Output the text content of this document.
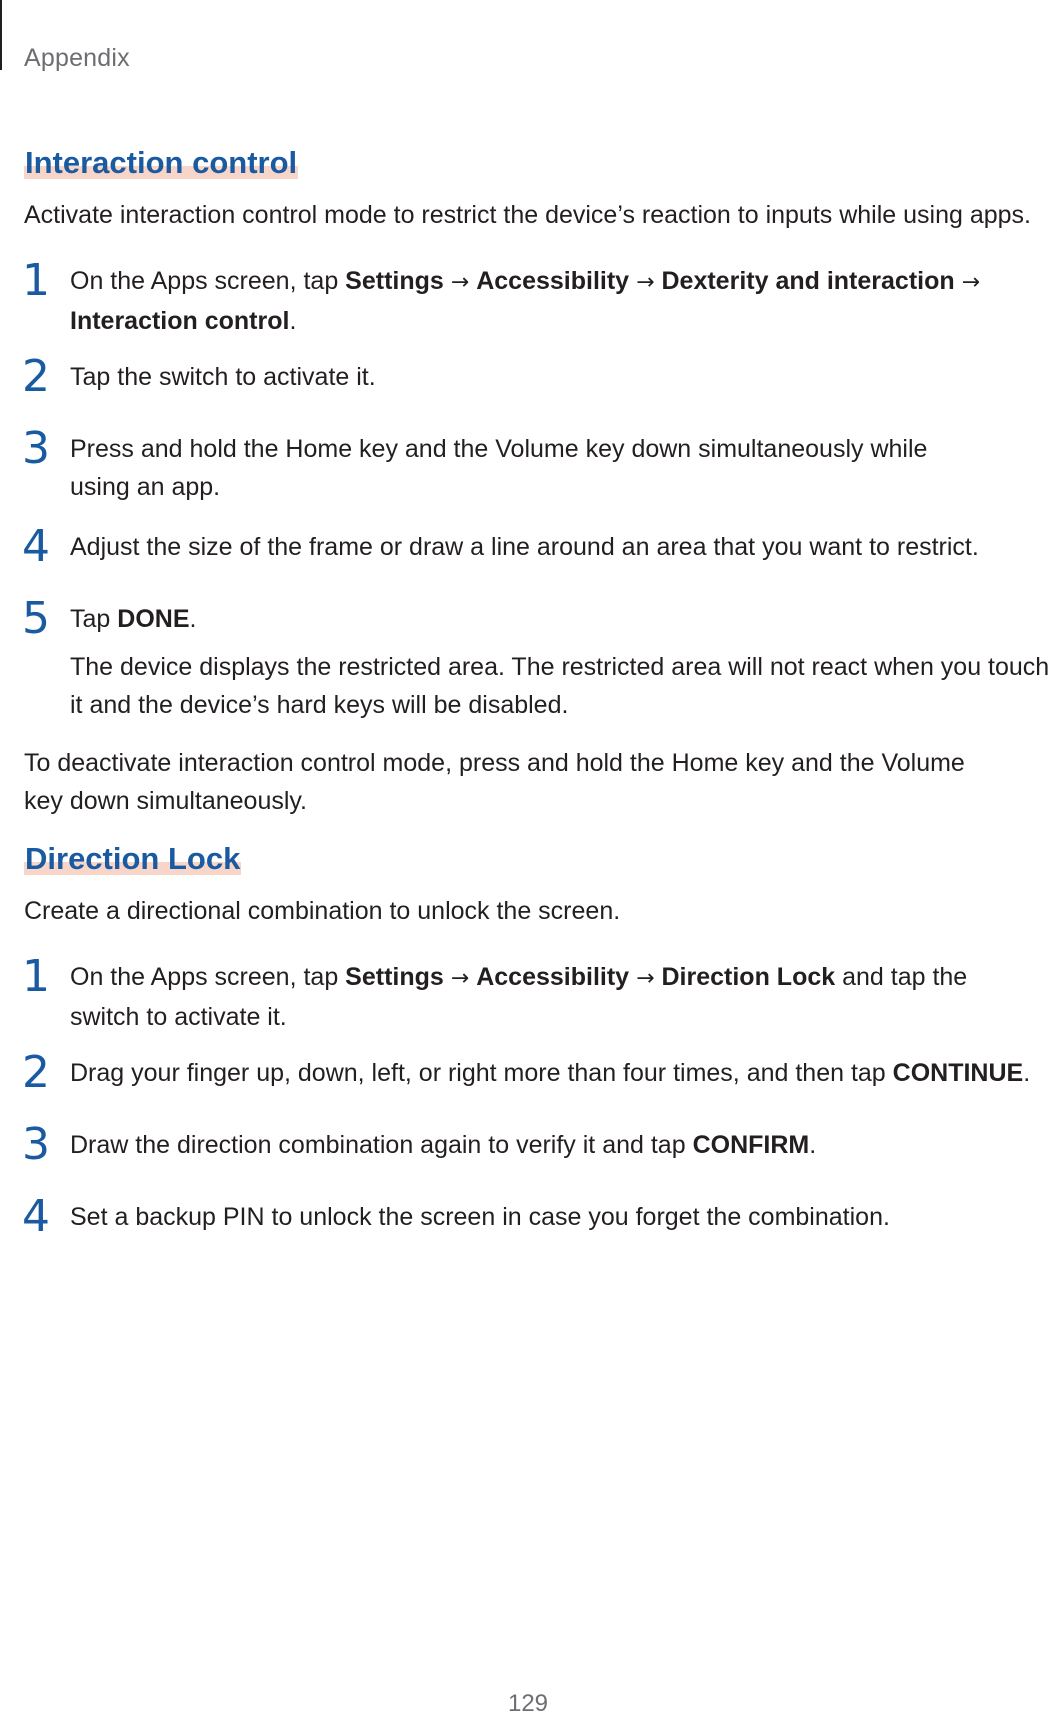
Appendix
Interaction control
Activate interaction control mode to restrict the device’s reaction to inputs while using apps.
1 On the Apps screen, tap Settings → Accessibility → Dexterity and interaction →
Interaction control.
2 Tap the switch to activate it.
3 Press and hold the Home key and the Volume key down simultaneously while using an app.
4 Adjust the size of the frame or draw a line around an area that you want to restrict.
5 Tap DONE.
The device displays the restricted area. The restricted area will not react when you touch it and the device’s hard keys will be disabled.
To deactivate interaction control mode, press and hold the Home key and the Volume key down simultaneously.
Direction Lock
Create a directional combination to unlock the screen.
1 On the Apps screen, tap Settings → Accessibility → Direction Lock and tap the switch to activate it.
2 Drag your finger up, down, left, or right more than four times, and then tap CONTINUE.
3 Draw the direction combination again to verify it and tap CONFIRM.
4 Set a backup PIN to unlock the screen in case you forget the combination.
129
